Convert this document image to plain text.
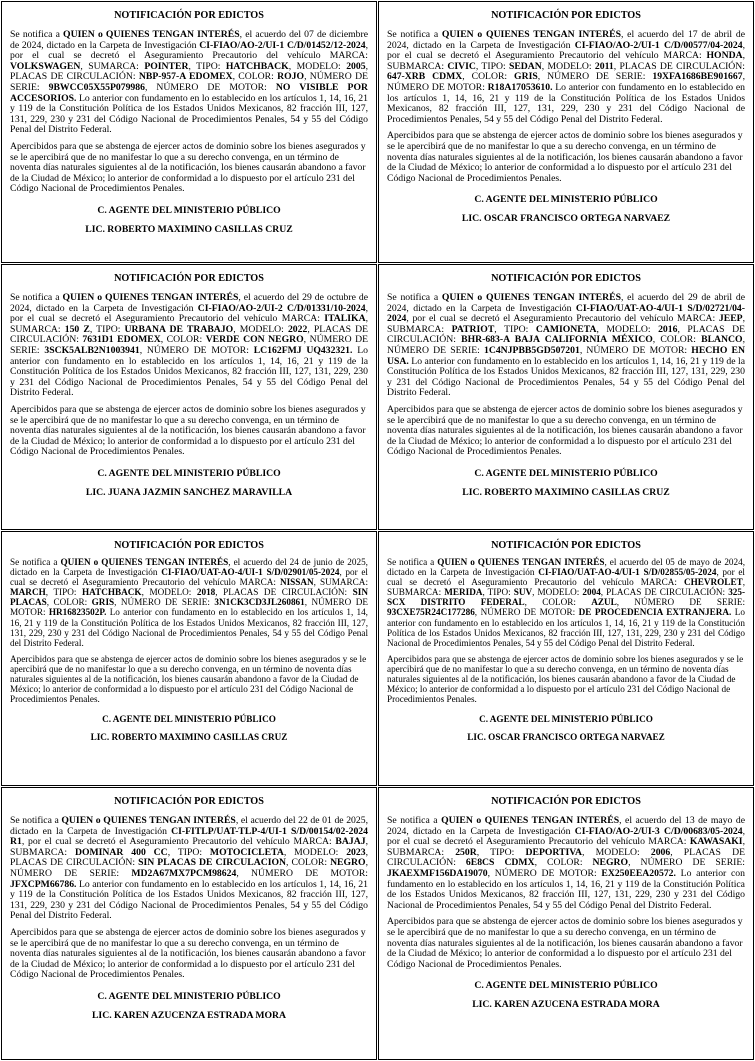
NOTIFICACIÓN POR EDICTOS
Se notifica a QUIEN o QUIENES TENGAN INTERÉS, el acuerdo del 07 de diciembre de 2024, dictado en la Carpeta de Investigación CI-FIAO/AO-2/UI-1 C/D/01452/12-2024, por el cual se decretó el Aseguramiento Precautorio del vehículo MARCA: VOLKSWAGEN, SUMARCA: POINTER, TIPO: HATCHBACK, MODELO: 2005, PLACAS DE CIRCULACIÓN: NBP-957-A EDOMEX, COLOR: ROJO, NÚMERO DE SERIE: 9BWCC05X55P079986, NÚMERO DE MOTOR: NO VISIBLE POR ACCESORIOS. Lo anterior con fundamento en lo establecido en los artículos 1, 14, 16, 21 y 119 de la Constitución Política de los Estados Unidos Mexicanos, 82 fracción III, 127, 131, 229, 230 y 231 del Código Nacional de Procedimientos Penales, 54 y 55 del Código Penal del Distrito Federal.
Apercibidos para que se abstenga de ejercer actos de dominio sobre los bienes asegurados y se le apercibirá que de no manifestar lo que a su derecho convenga, en un término de noventa días naturales siguientes al de la notificación, los bienes causarán abandono a favor de la Ciudad de México; lo anterior de conformidad a lo dispuesto por el artículo 231 del Código Nacional de Procedimientos Penales.
C. AGENTE DEL MINISTERIO PÚBLICO
LIC. ROBERTO MAXIMINO CASILLAS CRUZ
NOTIFICACIÓN POR EDICTOS
Se notifica a QUIEN o QUIENES TENGAN INTERÉS, el acuerdo del 17 de abril de 2024, dictado en la Carpeta de Investigación CI-FIAO/AO-2/UI-1 C/D/00577/04-2024, por el cual se decretó el Aseguramiento Precautorio del vehículo MARCA: HONDA, SUBMARCA: CIVIC, TIPO: SEDAN, MODELO: 2011, PLACAS DE CIRCULACIÓN: 647-XRB CDMX, COLOR: GRIS, NÚMERO DE SERIE: 19XFA1686BE901667, NÚMERO DE MOTOR: R18A17053610. Lo anterior con fundamento en lo establecido en los artículos 1, 14, 16, 21 y 119 de la Constitución Política de los Estados Unidos Mexicanos, 82 fracción III, 127, 131, 229, 230 y 231 del Código Nacional de Procedimientos Penales, 54 y 55 del Código Penal del Distrito Federal.
Apercibidos para que se abstenga de ejercer actos de dominio sobre los bienes asegurados y se le apercibirá que de no manifestar lo que a su derecho convenga, en un término de noventa días naturales siguientes al de la notificación, los bienes causarán abandono a favor de la Ciudad de México; lo anterior de conformidad a lo dispuesto por el artículo 231 del Código Nacional de Procedimientos Penales.
C. AGENTE DEL MINISTERIO PÚBLICO
LIC. OSCAR FRANCISCO ORTEGA NARVAEZ
NOTIFICACIÓN POR EDICTOS
Se notifica a QUIEN o QUIENES TENGAN INTERÉS, el acuerdo del 29 de octubre de 2024, dictado en la Carpeta de Investigación CI-FIAO/AO-2/UI-2 C/D/01331/10-2024, por el cual se decretó el Aseguramiento Precautorio del vehículo MARCA: ITALIKA, SUMARCA: 150 Z, TIPO: URBANA DE TRABAJO, MODELO: 2022, PLACAS DE CIRCULACIÓN: 7631D1 EDOMEX, COLOR: VERDE CON NEGRO, NÚMERO DE SERIE: 3SCK5ALB2N1003941, NÚMERO DE MOTOR: LC162FMJ UQ432321. Lo anterior con fundamento en lo establecido en los artículos 1, 14, 16, 21 y 119 de la Constitución Política de los Estados Unidos Mexicanos, 82 fracción III, 127, 131, 229, 230 y 231 del Código Nacional de Procedimientos Penales, 54 y 55 del Código Penal del Distrito Federal.
Apercibidos para que se abstenga de ejercer actos de dominio sobre los bienes asegurados y se le apercibirá que de no manifestar lo que a su derecho convenga, en un término de noventa días naturales siguientes al de la notificación, los bienes causarán abandono a favor de la Ciudad de México; lo anterior de conformidad a lo dispuesto por el artículo 231 del Código Nacional de Procedimientos Penales.
C. AGENTE DEL MINISTERIO PÚBLICO
LIC. JUANA JAZMIN SANCHEZ MARAVILLA
NOTIFICACIÓN POR EDICTOS
Se notifica a QUIEN o QUIENES TENGAN INTERÉS, el acuerdo del 29 de abril de 2024, dictado en la Carpeta de Investigación CI-FIAO/UAT-AO-4/UI-1 S/D/02721/04-2024, por el cual se decretó el Aseguramiento Precautorio del vehículo MARCA: JEEP, SUBMARCA: PATRIOT, TIPO: CAMIONETA, MODELO: 2016, PLACAS DE CIRCULACIÓN: BHR-683-A BAJA CALIFORNIA MÉXICO, COLOR: BLANCO, NÚMERO DE SERIE: 1C4NJPBB5GD507201, NÚMERO DE MOTOR: HECHO EN USA. Lo anterior con fundamento en lo establecido en los artículos 1, 14, 16, 21 y 119 de la Constitución Política de los Estados Unidos Mexicanos, 82 fracción III, 127, 131, 229, 230 y 231 del Código Nacional de Procedimientos Penales, 54 y 55 del Código Penal del Distrito Federal.
Apercibidos para que se abstenga de ejercer actos de dominio sobre los bienes asegurados y se le apercibirá que de no manifestar lo que a su derecho convenga, en un término de noventa días naturales siguientes al de la notificación, los bienes causarán abandono a favor de la Ciudad de México; lo anterior de conformidad a lo dispuesto por el artículo 231 del Código Nacional de Procedimientos Penales.
C. AGENTE DEL MINISTERIO PÚBLICO
LIC. ROBERTO MAXIMINO CASILLAS CRUZ
NOTIFICACIÓN POR EDICTOS
Se notifica a QUIEN o QUIENES TENGAN INTERÉS, el acuerdo del 24 de junio de 2025, dictado en la Carpeta de Investigación CI-FIAO/UAT-AO-4/UI-1 S/D/02901/05-2024, por el cual se decretó el Aseguramiento Precautorio del vehículo MARCA: NISSAN, SUMARCA: MARCH, TIPO: HATCHBACK, MODELO: 2018, PLACAS DE CIRCULACIÓN: SIN PLACAS, COLOR: GRIS, NÚMERO DE SERIE: 3N1CK3CD3JL260861, NÚMERO DE MOTOR: HR16823502P. Lo anterior con fundamento en lo establecido en los artículos 1, 14, 16, 21 y 119 de la Constitución Política de los Estados Unidos Mexicanos, 82 fracción III, 127, 131, 229, 230 y 231 del Código Nacional de Procedimientos Penales, 54 y 55 del Código Penal del Distrito Federal.
Apercibidos para que se abstenga de ejercer actos de dominio sobre los bienes asegurados y se le apercibirá que de no manifestar lo que a su derecho convenga, en un término de noventa días naturales siguientes al de la notificación, los bienes causarán abandono a favor de la Ciudad de México; lo anterior de conformidad a lo dispuesto por el artículo 231 del Código Nacional de Procedimientos Penales.
C. AGENTE DEL MINISTERIO PÚBLICO
LIC. ROBERTO MAXIMINO CASILLAS CRUZ
NOTIFICACIÓN POR EDICTOS
Se notifica a QUIEN o QUIENES TENGAN INTERÉS, el acuerdo del 05 de mayo de 2024, dictado en la Carpeta de Investigación CI-FIAO/UAT-AO-4/UI-1 S/D/02855/05-2024, por el cual se decretó el Aseguramiento Precautorio del vehículo MARCA: CHEVROLET, SUBMARCA: MERIDA, TIPO: SUV, MODELO: 2004, PLACAS DE CIRCULACIÓN: 325-SCX DISTRITO FEDERAL, COLOR: AZUL, NÚMERO DE SERIE: 93CXE75R24C177286, NÚMERO DE MOTOR: DE PROCEDENCIA EXTRANJERA. Lo anterior con fundamento en lo establecido en los artículos 1, 14, 16, 21 y 119 de la Constitución Política de los Estados Unidos Mexicanos, 82 fracción III, 127, 131, 229, 230 y 231 del Código Nacional de Procedimientos Penales, 54 y 55 del Código Penal del Distrito Federal.
Apercibidos para que se abstenga de ejercer actos de dominio sobre los bienes asegurados y se le apercibirá que de no manifestar lo que a su derecho convenga, en un término de noventa días naturales siguientes al de la notificación, los bienes causarán abandono a favor de la Ciudad de México; lo anterior de conformidad a lo dispuesto por el artículo 231 del Código Nacional de Procedimientos Penales.
C. AGENTE DEL MINISTERIO PÚBLICO
LIC. OSCAR FRANCISCO ORTEGA NARVAEZ
NOTIFICACIÓN POR EDICTOS
Se notifica a QUIEN o QUIENES TENGAN INTERÉS, el acuerdo del 22 de 01 de 2025, dictado en la Carpeta de Investigación CI-FITLP/UAT-TLP-4/UI-1 S/D/00154/02-2024 R1, por el cual se decretó el Aseguramiento Precautorio del vehículo MARCA: BAJAJ, SUBMARCA: DOMINAR 400 CC, TIPO: MOTOCICLETA, MODELO: 2023, PLACAS DE CIRCULACIÓN: SIN PLACAS DE CIRCULACION, COLOR: NEGRO, NÚMERO DE SERIE: MD2A67MX7PCM98624, NÚMERO DE MOTOR: JFXCPM66786. Lo anterior con fundamento en lo establecido en los artículos 1, 14, 16, 21 y 119 de la Constitución Política de los Estados Unidos Mexicanos, 82 fracción III, 127, 131, 229, 230 y 231 del Código Nacional de Procedimientos Penales, 54 y 55 del Código Penal del Distrito Federal.
Apercibidos para que se abstenga de ejercer actos de dominio sobre los bienes asegurados y se le apercibirá que de no manifestar lo que a su derecho convenga, en un término de noventa días naturales siguientes al de la notificación, los bienes causarán abandono a favor de la Ciudad de México; lo anterior de conformidad a lo dispuesto por el artículo 231 del Código Nacional de Procedimientos Penales.
C. AGENTE DEL MINISTERIO PÚBLICO
LIC. KAREN AZUCENZA ESTRADA MORA
NOTIFICACIÓN POR EDICTOS
Se notifica a QUIEN o QUIENES TENGAN INTERÉS, el acuerdo del 13 de mayo de 2024, dictado en la Carpeta de Investigación CI-FIAO/AO-2/UI-3 C/D/00683/05-2024, por el cual se decretó el Aseguramiento Precautorio del vehículo MARCA: KAWASAKI, SUBMARCA: 250R, TIPO: DEPORTIVA, MODELO: 2006, PLACAS DE CIRCULACIÓN: 6E8CS CDMX, COLOR: NEGRO, NÚMERO DE SERIE: JKAEXMF156DA19070, NÚMERO DE MOTOR: EX250EEA20572. Lo anterior con fundamento en lo establecido en los artículos 1, 14, 16, 21 y 119 de la Constitución Política de los Estados Unidos Mexicanos, 82 fracción III, 127, 131, 229, 230 y 231 del Código Nacional de Procedimientos Penales, 54 y 55 del Código Penal del Distrito Federal.
Apercibidos para que se abstenga de ejercer actos de dominio sobre los bienes asegurados y se le apercibirá que de no manifestar lo que a su derecho convenga, en un término de noventa días naturales siguientes al de la notificación, los bienes causarán abandono a favor de la Ciudad de México; lo anterior de conformidad a lo dispuesto por el artículo 231 del Código Nacional de Procedimientos Penales.
C. AGENTE DEL MINISTERIO PÚBLICO
LIC. KAREN AZUCENA ESTRADA MORA
